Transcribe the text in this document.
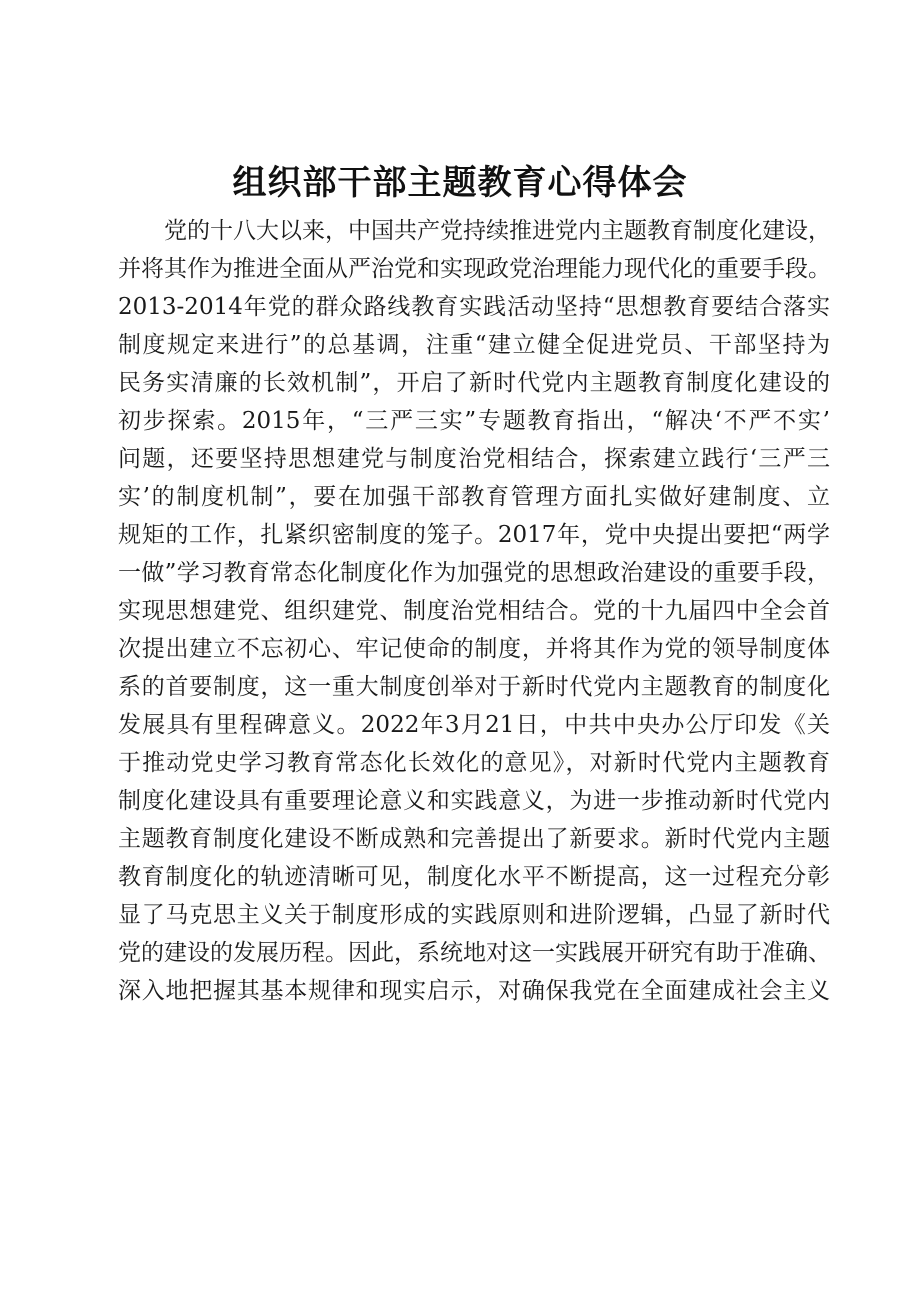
组织部干部主题教育心得体会
党的十八大以来，中国共产党持续推进党内主题教育制度化建设，
并将其作为推进全面从严治党和实现政党治理能力现代化的重要手段。
2013-2014年党的群众路线教育实践活动坚持“思想教育要结合落实
制度规定来进行”的总基调，注重“建立健全促进党员、干部坚持为
民务实清廉的长效机制”，开启了新时代党内主题教育制度化建设的
初步探索。2015年，“三严三实”专题教育指出，“解决‘不严不实’
问题，还要坚持思想建党与制度治党相结合，探索建立践行‘三严三
实’的制度机制”，要在加强干部教育管理方面扎实做好建制度、立
规矩的工作，扎紧织密制度的笼子。2017年，党中央提出要把“两学
一做”学习教育常态化制度化作为加强党的思想政治建设的重要手段，
实现思想建党、组织建党、制度治党相结合。党的十九届四中全会首
次提出建立不忘初心、牢记使命的制度，并将其作为党的领导制度体
系的首要制度，这一重大制度创举对于新时代党内主题教育的制度化
发展具有里程碑意义。2022年3月21日，中共中央办公厅印发《关
于推动党史学习教育常态化长效化的意见》，对新时代党内主题教育
制度化建设具有重要理论意义和实践意义，为进一步推动新时代党内
主题教育制度化建设不断成熟和完善提出了新要求。新时代党内主题
教育制度化的轨迹清晰可见，制度化水平不断提高，这一过程充分彰
显了马克思主义关于制度形成的实践原则和进阶逻辑，凸显了新时代
党的建设的发展历程。因此，系统地对这一实践展开研究有助于准确、
深入地把握其基本规律和现实启示，对确保我党在全面建成社会主义
